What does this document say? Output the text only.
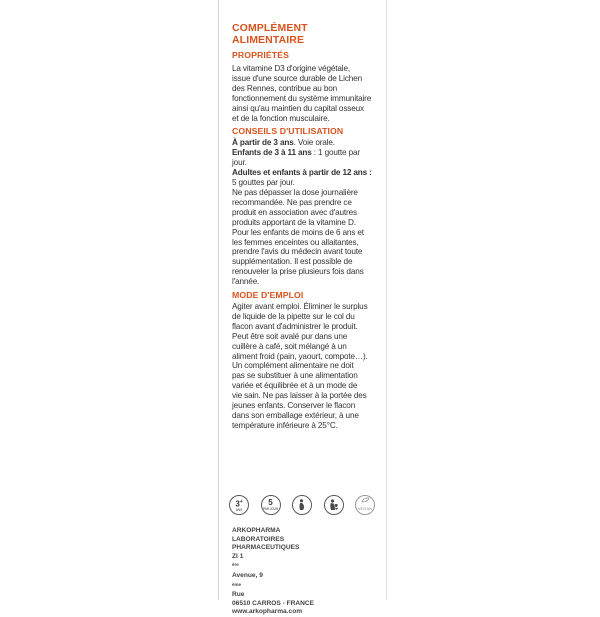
COMPLÉMENT
ALIMENTAIRE
PROPRIÉTÉS

La vitamine D3 d'origine végétale,
issue d'une source durable de Lichen
des Rennes, contribue au bon
fonctionnement du système immunitaire
ainsi qu'au maintien du capital osseux
et de la fonction musculaire.

CONSEILS D'UTILISATION

À partir de 3 ans. Voie orale.
Enfants de 3 à 11 ans : 1 goutte par
jour.
Adultes et enfants à partir de 12 ans :
5 gouttes par jour.
Ne pas dépasser la dose journalière
recommandée. Ne pas prendre ce
produit en association avec d'autres
produits apportant de la vitamine D.
Pour les enfants de moins de 6 ans et
les femmes enceintes ou allaitantes,
prendre l'avis du médecin avant toute
supplémentation. Il est possible de
renouveler la prise plusieurs fois dans
l'année.

MODE D'EMPLOI

Agiter avant emploi. Éliminer le surplus
de liquide de la pipette sur le col du
flacon avant d'administrer le produit.
Peut être soit avalé pur dans une
cuillère à café, soit mélangé à un
aliment froid (pain, yaourt, compote…).
Un complément alimentaire ne doit
pas se substituer à une alimentation
variée et équilibrée et à un mode de
vie sain. Ne pas laisser à la portée des
jeunes enfants. Conserver le flacon
dans son emballage extérieur, à une
température inférieure à 25°C.

3+
ANS
5
PAR JOUR	VEGAN
ARKOPHARMA
LABORATOIRES
PHARMACEUTIQUES
ZI 1
$^{ère}$
Avenue, 9
$^{ème}$
Rue
06510 CARROS - FRANCE
www.arkopharma.com
